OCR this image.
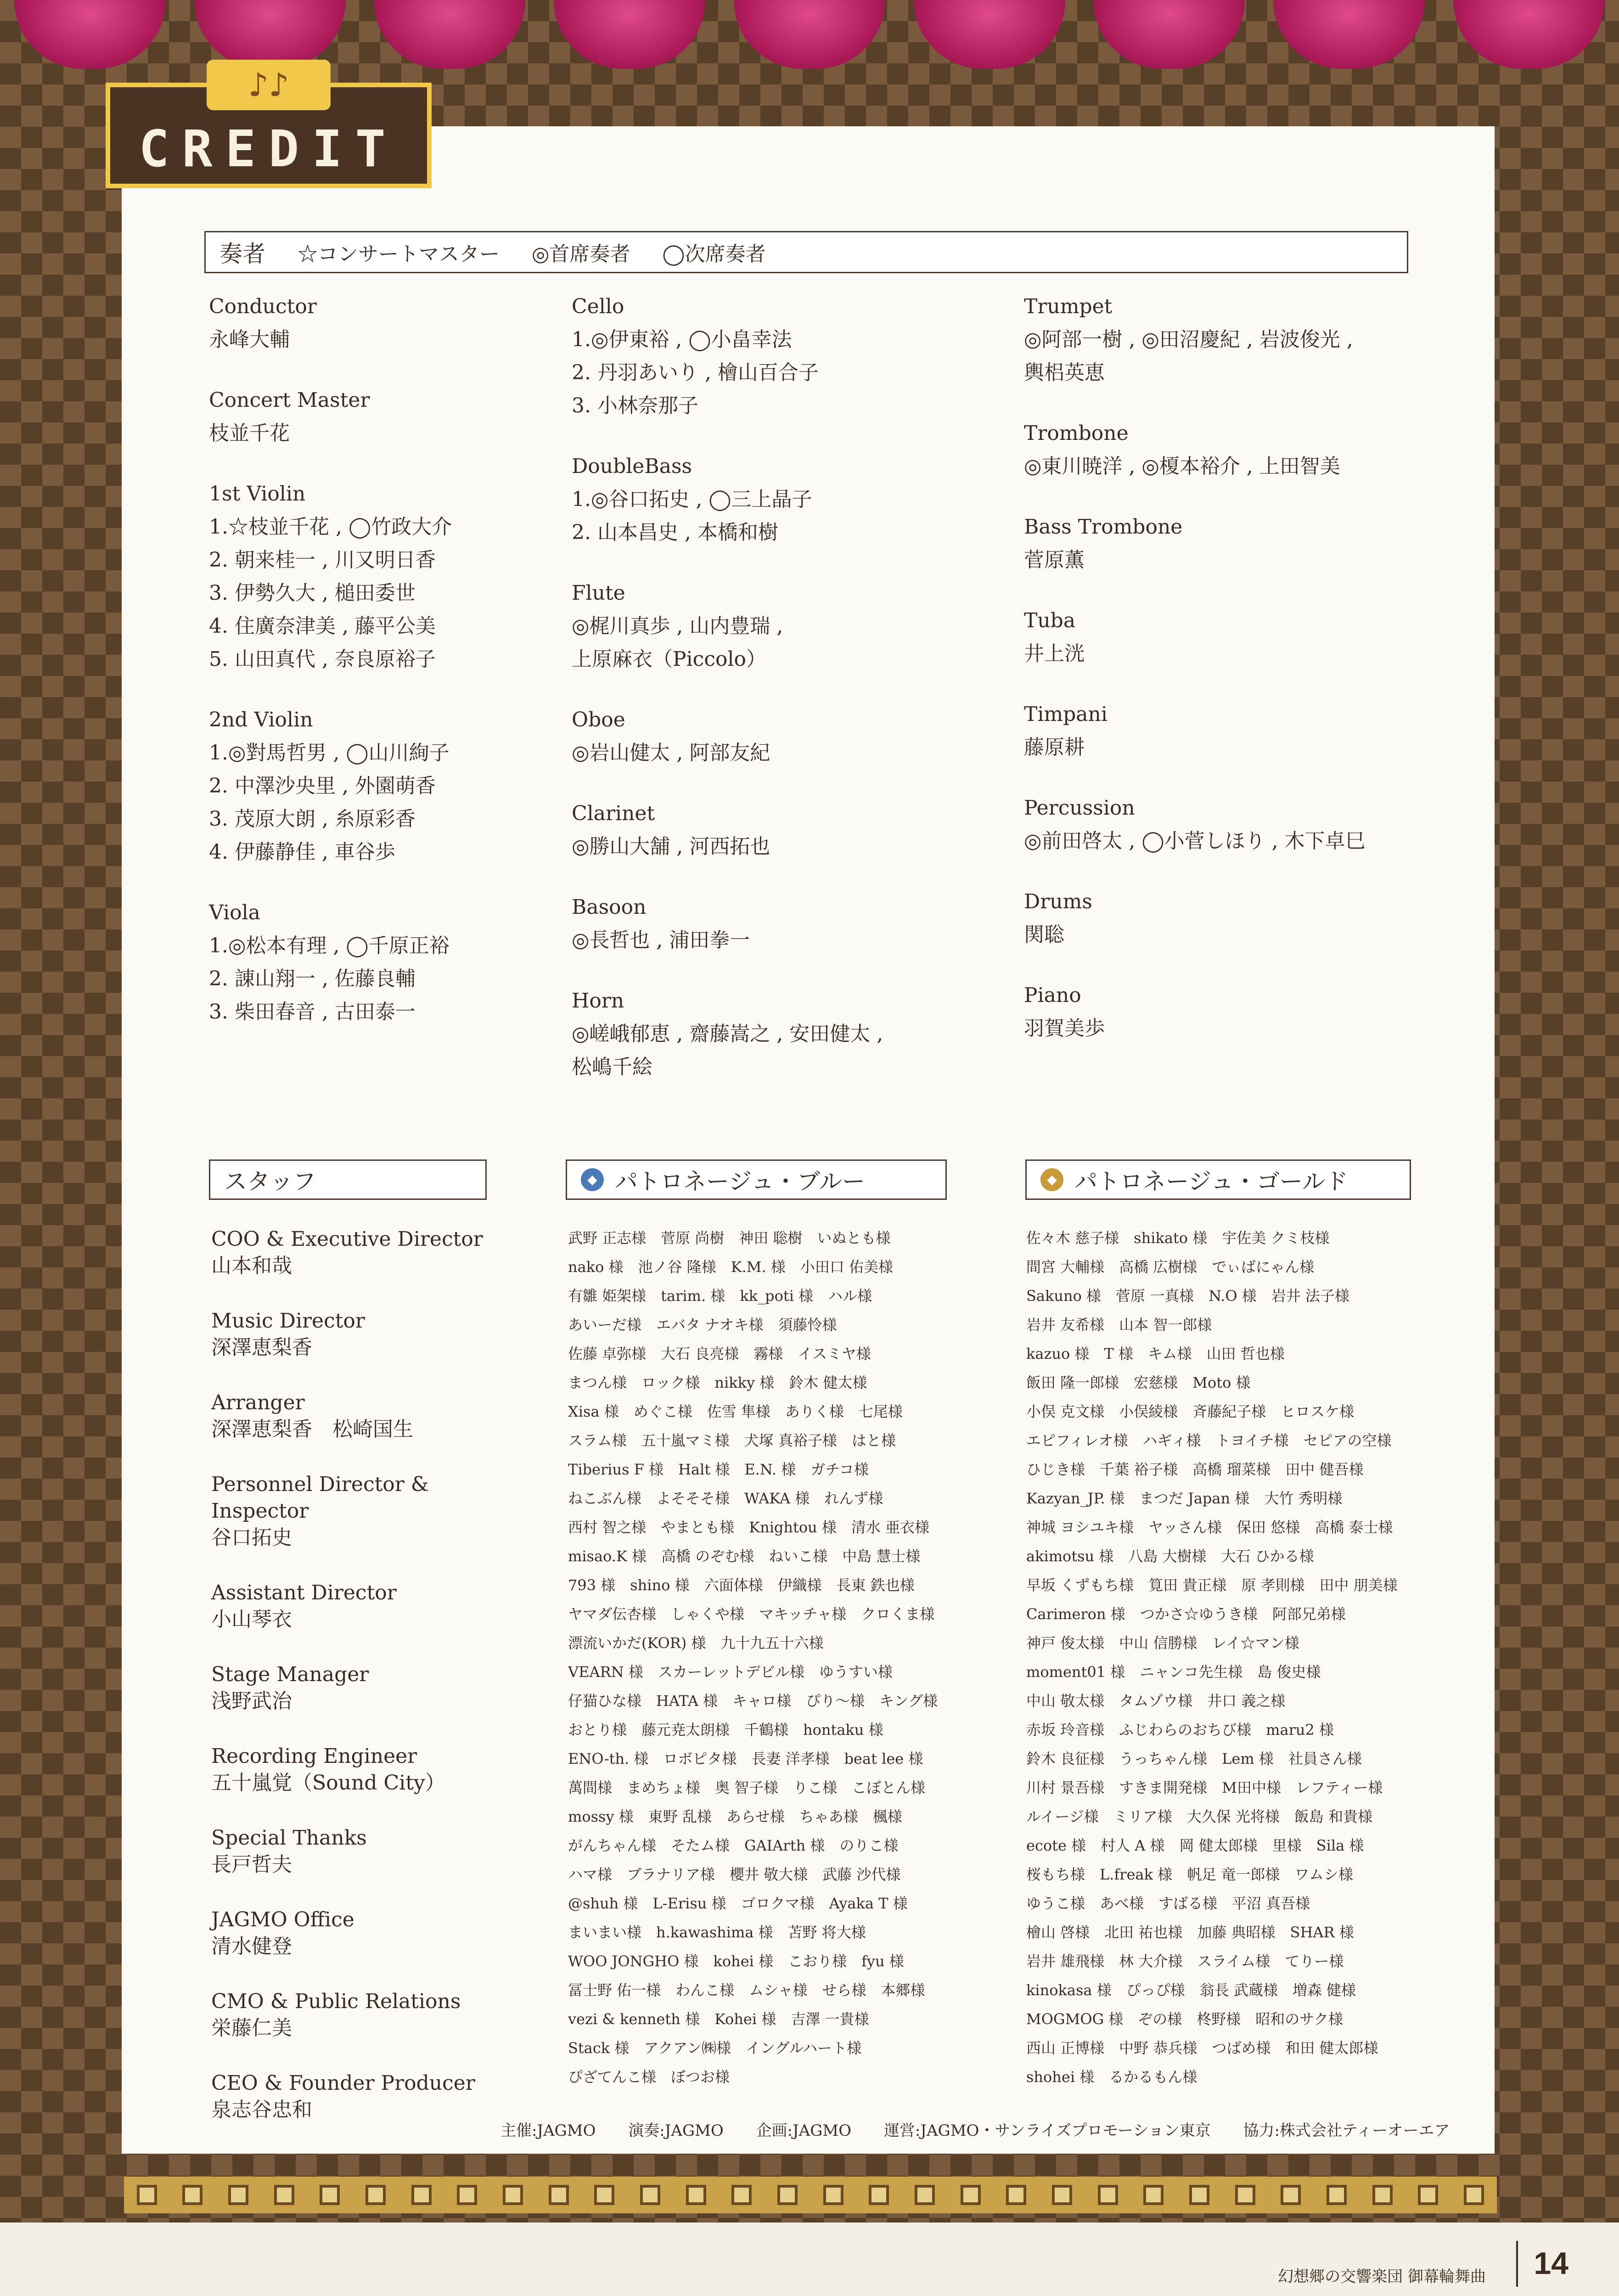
♪♪
CREDIT
奏者 ☆コンサートマスター ◎首席奏者 ◯次席奏者
Conductor
永峰大輔
Concert Master
枝並千花
1st Violin
1.☆枝並千花 , ◯竹政大介
2. 朝来桂一 , 川又明日香
3. 伊勢久大 , 槌田委世
4. 住廣奈津美 , 藤平公美
5. 山田真代 , 奈良原裕子
2nd Violin
1.◎對馬哲男 , ◯山川絢子
2. 中澤沙央里 , 外園萌香
3. 茂原大朗 , 糸原彩香
4. 伊藤静佳 , 車谷歩
Viola
1.◎松本有理 , ◯千原正裕
2. 諌山翔一 , 佐藤良輔
3. 柴田春音 , 古田泰一
Cello
1.◎伊東裕 , ◯小畠幸法
2. 丹羽あいり , 檜山百合子
3. 小林奈那子
DoubleBass
1.◎谷口拓史 , ◯三上晶子
2. 山本昌史 , 本橋和樹
Flute
◎梶川真歩 , 山内豊瑞 ,
上原麻衣（Piccolo）
Oboe
◎岩山健太 , 阿部友紀
Clarinet
◎勝山大舗 , 河西拓也
Basoon
◎長哲也 , 浦田拳一
Horn
◎嵯峨郁恵 , 齋藤嵩之 , 安田健太 ,
松嶋千絵
Trumpet
◎阿部一樹 , ◎田沼慶紀 , 岩波俊光 ,
輿梠英恵
Trombone
◎東川暁洋 , ◎榎本裕介 , 上田智美
Bass Trombone
菅原薫
Tuba
井上洸
Timpani
藤原耕
Percussion
◎前田啓太 , ◯小菅しほり , 木下卓巳
Drums
関聡
Piano
羽賀美歩
スタッフ
COO & Executive Director
山本和哉
Music Director
深澤恵梨香
Arranger
深澤恵梨香　松崎国生
Personnel Director &
Inspector
谷口拓史
Assistant Director
小山琴衣
Stage Manager
浅野武治
Recording Engineer
五十嵐覚（Sound City）
Special Thanks
長戸哲夫
JAGMO Office
清水健登
CMO & Public Relations
栄藤仁美
CEO & Founder Producer
泉志谷忠和
◆ パトロネージュ・ブルー
武野 正志様　菅原 尚樹　神田 聡樹　いぬとも様
nako 様　池ノ谷 隆様　K.M. 様　小田口 佑美様
有雛 姫架様　tarim. 様　kk_poti 様　ハル様
あいーだ様　エバタ ナオキ様　須藤怜様
佐藤 卓弥様　大石 良亮様　霧様　イスミヤ様
まつん様　ロック様　nikky 様　鈴木 健太様
Xisa 様　めぐこ様　佐雪 隼様　ありく様　七尾様
スラム様　五十嵐マミ様　犬塚 真裕子様　はと様
Tiberius F 様　Halt 様　E.N. 様　ガチコ様
ねこぶん様　よそそそ様　WAKA 様　れんず様
西村 智之様　やまとも様　Knightou 様　清水 亜衣様
misao.K 様　高橋 のぞむ様　ねいこ様　中島 慧士様
793 様　shino 様　六面体様　伊織様　長東 鉄也様
ヤマダ伝杏様　しゃくや様　マキッチャ様　クロくま様
漂流いかだ(KOR) 様　九十九五十六様
VEARN 様　スカーレットデビル様　ゆうすい様
仔猫ひな様　HATA 様　キャロ様　ぴり～様　キング様
おとり様　藤元尭太朗様　千鶴様　hontaku 様
ENO-th. 様　ロボピタ様　長妻 洋孝様　beat lee 様
萬間様　まめちょ様　奥 智子様　りこ様　こぼとん様
mossy 様　東野 乱様　あらせ様　ちゃあ様　楓様
がんちゃん様　そたム様　GAIArth 様　のりこ様
ハマ様　ブラナリア様　櫻井 敬大様　武藤 沙代様
@shuh 様　L-Erisu 様　ゴロクマ様　Ayaka T 様
まいまい様　h.kawashima 様　苫野 将大様
WOO JONGHO 様　kohei 様　こおり様　fyu 様
冨士野 佑一様　わんこ様　ムシャ様　せら様　本郷様
vezi & kenneth 様　Kohei 様　吉澤 一貴様
Stack 様　アクアン㈱様　イングルハート様
ぴざてんこ様　ぼつお様
◆ パトロネージュ・ゴールド
佐々木 慈子様　shikato 様　宇佐美 クミ枝様
間宮 大輔様　高橋 広樹様　でぃばにゃん様
Sakuno 様　菅原 一真様　N.O 様　岩井 法子様
岩井 友希様　山本 智一郎様
kazuo 様　T 様　キム様　山田 哲也様
飯田 隆一郎様　宏慈様　Moto 様
小俣 克文様　小俣綾様　斉藤紀子様　ヒロスケ様
エピフィレオ様　ハギィ様　トヨイチ様　セピアの空様
ひじき様　千葉 裕子様　高橋 瑠菜様　田中 健吾様
Kazyan_JP. 様　まつだ Japan 様　大竹 秀明様
神城 ヨシユキ様　ヤッさん様　保田 悠様　高橋 泰士様
akimotsu 様　八島 大樹様　大石 ひかる様
早坂 くずもち様　筧田 貴正様　原 孝則様　田中 朋美様
Carimeron 様　つかさ☆ゆうき様　阿部兄弟様
神戸 俊太様　中山 信勝様　レイ☆マン様
moment01 様　ニャンコ先生様　島 俊史様
中山 敬太様　タムゾウ様　井口 義之様
赤坂 玲音様　ふじわらのおちび様　maru2 様
鈴木 良征様　うっちゃん様　Lem 様　社員さん様
川村 景吾様　すきま開発様　M田中様　レフティー様
ルイージ様　ミリア様　大久保 光将様　飯島 和貴様
ecote 様　村人 A 様　岡 健太郎様　里様　Sila 様
桜もち様　L.freak 様　帆足 竜一郎様　ワムシ様
ゆうこ様　あべ様　すばる様　平沼 真吾様
檜山 啓様　北田 祐也様　加藤 典昭様　SHAR 様
岩井 雄飛様　林 大介様　スライム様　てりー様
kinokasa 様　ぴっぴ様　翁長 武蔵様　増森 健様
MOGMOG 様　ぞの様　柊野様　昭和のサク様
西山 正博様　中野 恭兵様　つばめ様　和田 健太郎様
shohei 様　るかるもん様
主催:JAGMO 演奏:JAGMO 企画:JAGMO 運営:JAGMO・サンライズプロモーション東京 協力:株式会社ティーオーエア
幻想郷の交響楽団 御幕輪舞曲 14
